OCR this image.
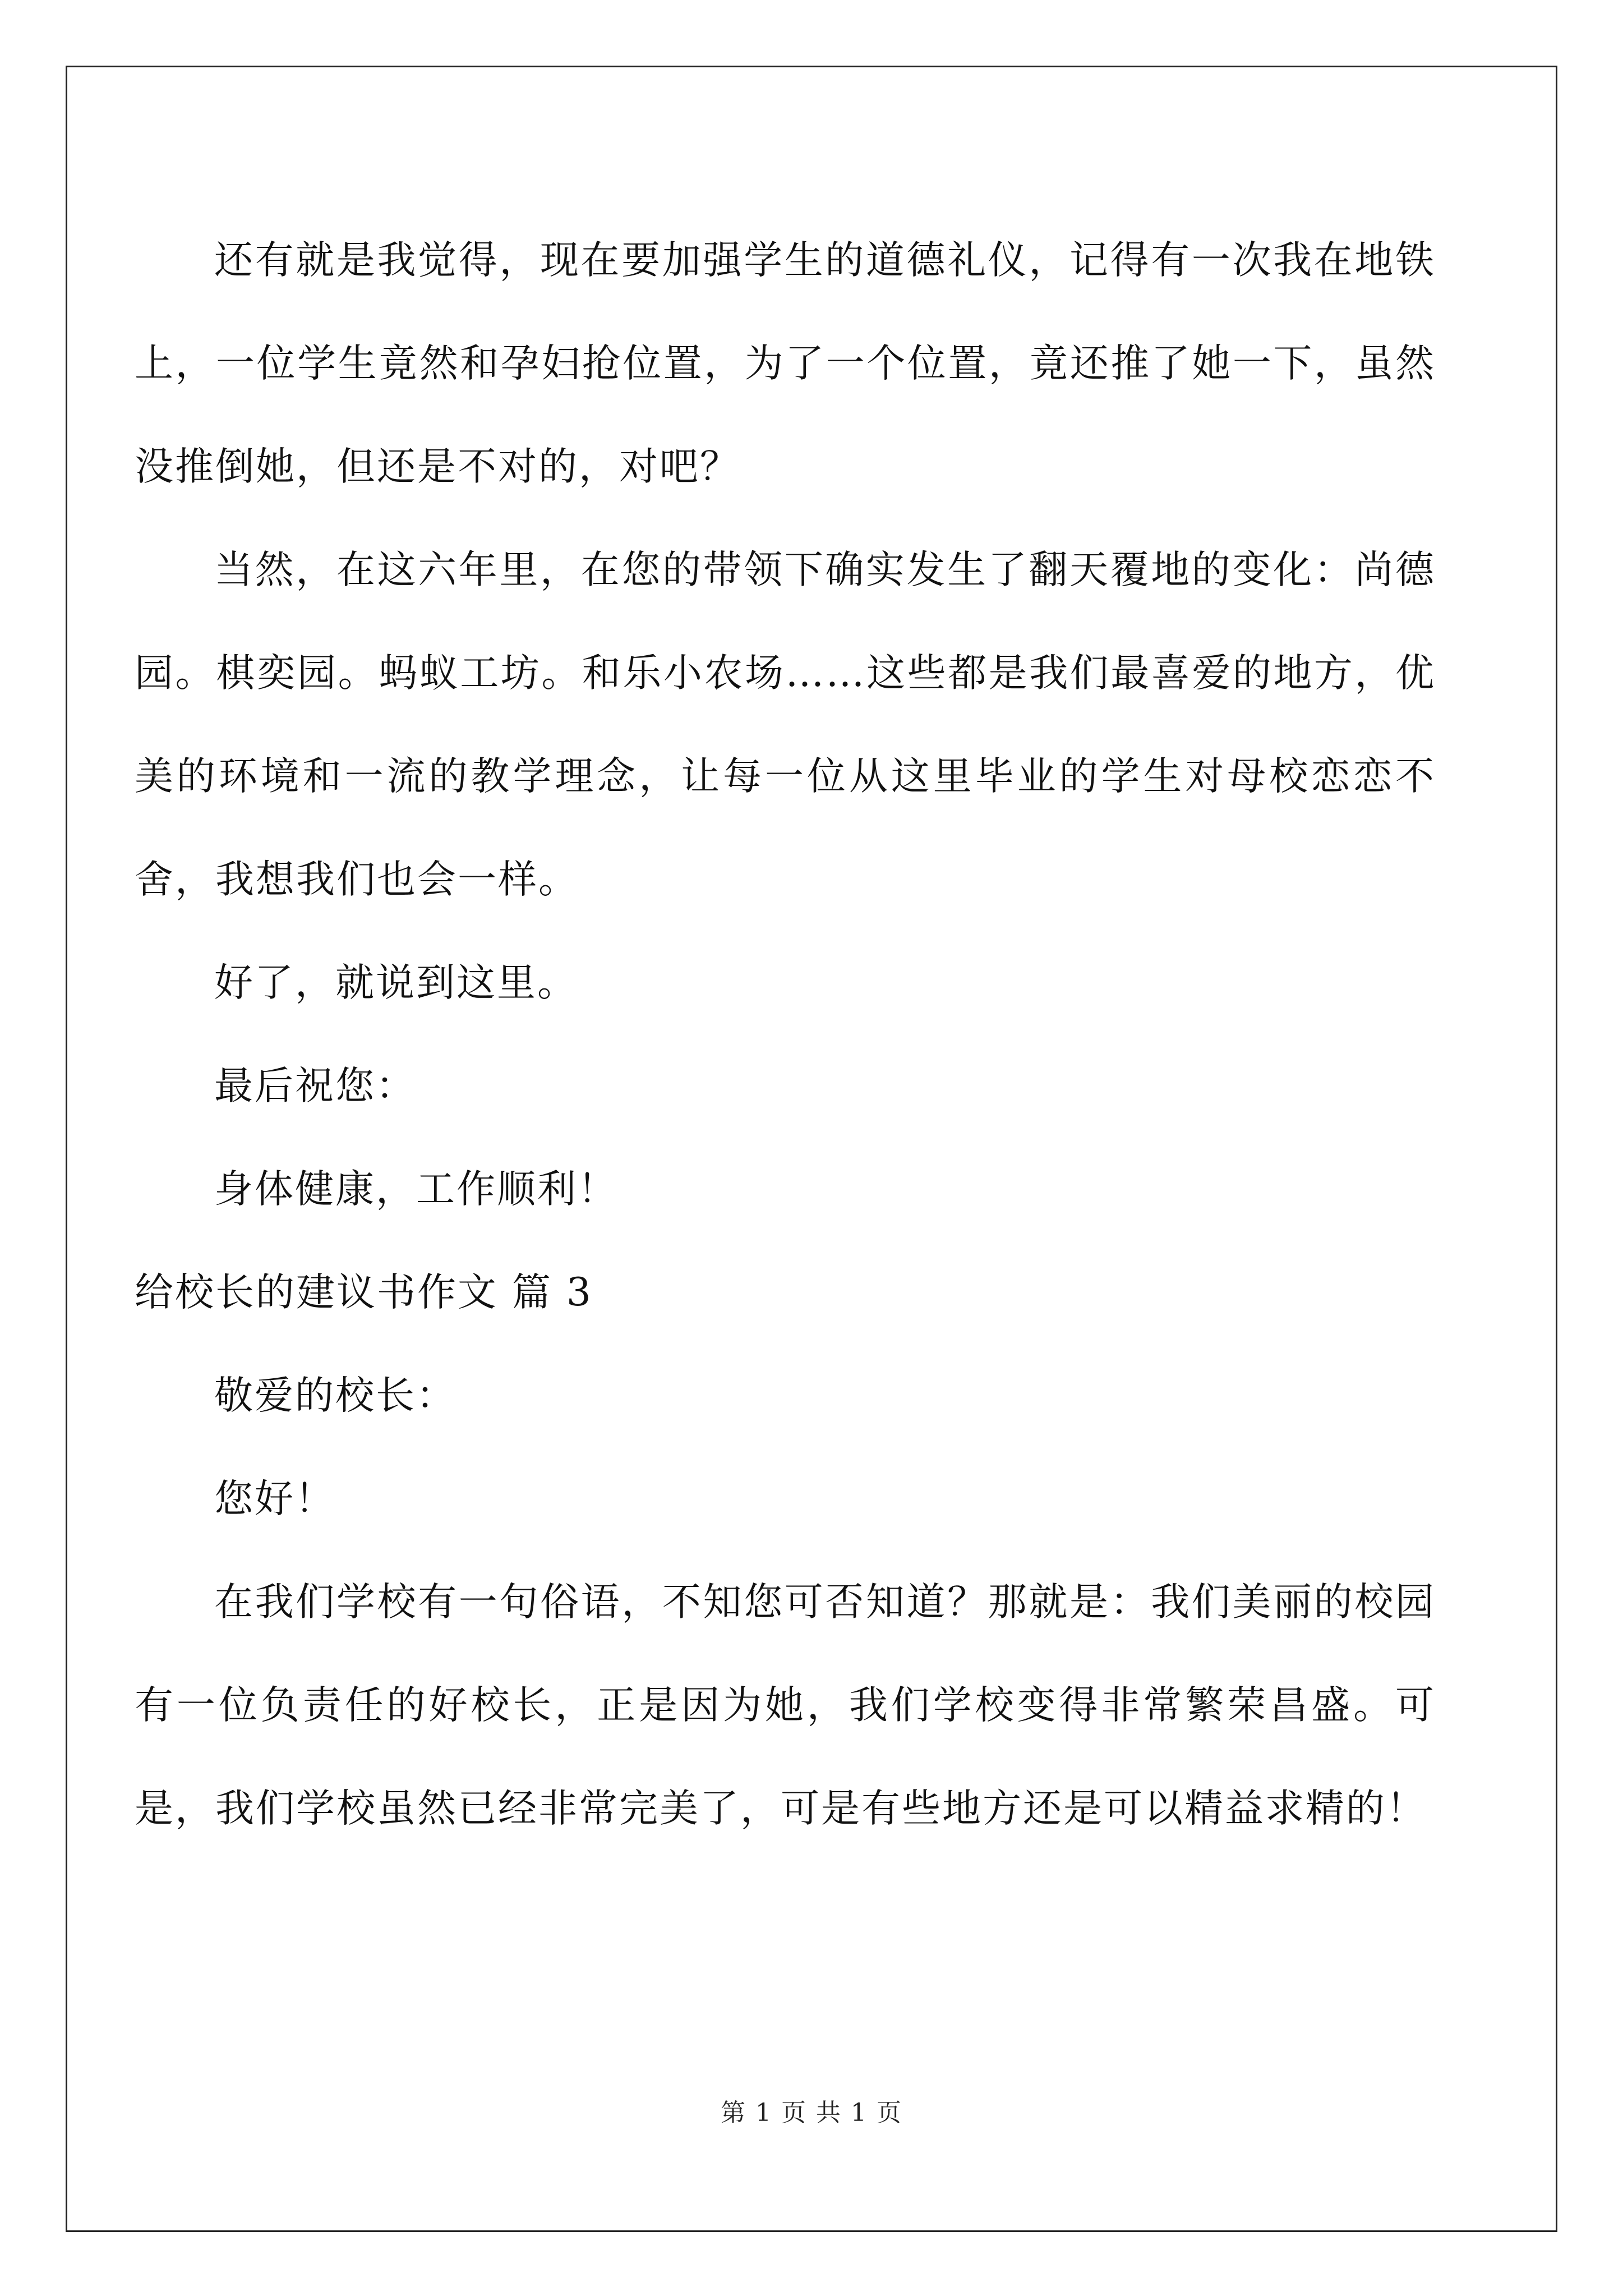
还有就是我觉得，现在要加强学生的道德礼仪，记得有一次我在地铁上，一位学生竟然和孕妇抢位置，为了一个位置，竟还推了她一下，虽然没推倒她，但还是不对的，对吧？

当然，在这六年里，在您的带领下确实发生了翻天覆地的变化：尚德园。棋奕园。蚂蚁工坊。和乐小农场……这些都是我们最喜爱的地方，优美的环境和一流的教学理念，让每一位从这里毕业的学生对母校恋恋不舍，我想我们也会一样。

好了，就说到这里。

最后祝您：

身体健康，工作顺利！

给校长的建议书作文 篇 3

敬爱的校长：

您好！

在我们学校有一句俗语，不知您可否知道？那就是：我们美丽的校园有一位负责任的好校长，正是因为她，我们学校变得非常繁荣昌盛。可是，我们学校虽然已经非常完美了，可是有些地方还是可以精益求精的！

第 1 页 共 1 页
